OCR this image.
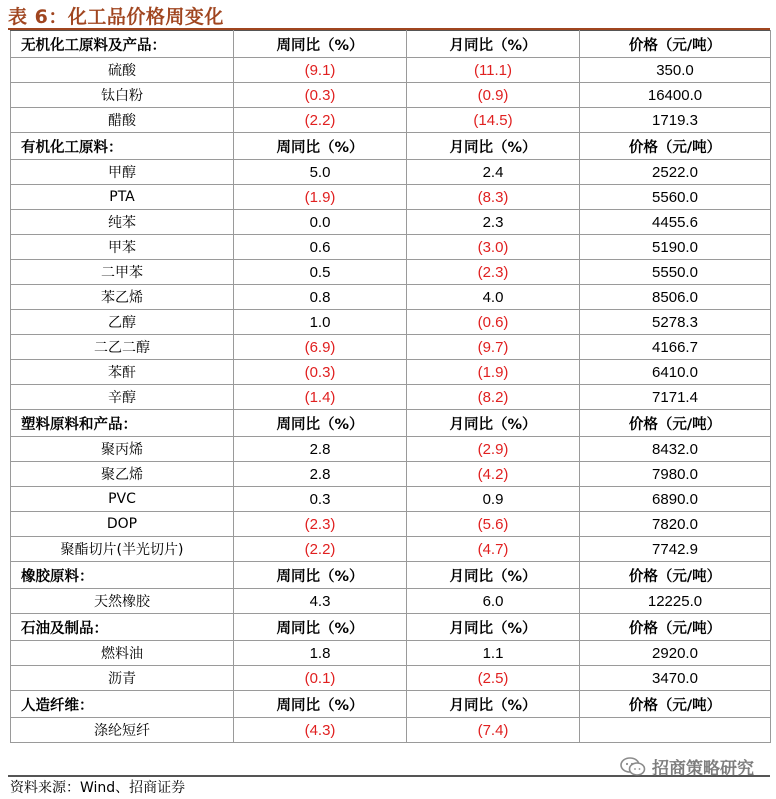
表 6：化工品价格周变化
无机化工原料及产品：	周同比（%）	月同比（%）	价格（元/吨）
硫酸	(9.1)	(11.1)	350.0
钛白粉	(0.3)	(0.9)	16400.0
醋酸	(2.2)	(14.5)	1719.3
有机化工原料：	周同比（%）	月同比（%）	价格（元/吨）
甲醇	5.0	2.4	2522.0
PTA	(1.9)	(8.3)	5560.0
纯苯	0.0	2.3	4455.6
甲苯	0.6	(3.0)	5190.0
二甲苯	0.5	(2.3)	5550.0
苯乙烯	0.8	4.0	8506.0
乙醇	1.0	(0.6)	5278.3
二乙二醇	(6.9)	(9.7)	4166.7
苯酐	(0.3)	(1.9)	6410.0
辛醇	(1.4)	(8.2)	7171.4
塑料原料和产品：	周同比（%）	月同比（%）	价格（元/吨）
聚丙烯	2.8	(2.9)	8432.0
聚乙烯	2.8	(4.2)	7980.0
PVC	0.3	0.9	6890.0
DOP	(2.3)	(5.6)	7820.0
聚酯切片(半光切片)	(2.2)	(4.7)	7742.9
橡胶原料：	周同比（%）	月同比（%）	价格（元/吨）
天然橡胶	4.3	6.0	12225.0
石油及制品：	周同比（%）	月同比（%）	价格（元/吨）
燃料油	1.8	1.1	2920.0
沥青	(0.1)	(2.5)	3470.0
人造纤维：	周同比（%）	月同比（%）	价格（元/吨）
涤纶短纤	(4.3)	(7.4)	
资料来源：Wind、招商证券
招商策略研究
